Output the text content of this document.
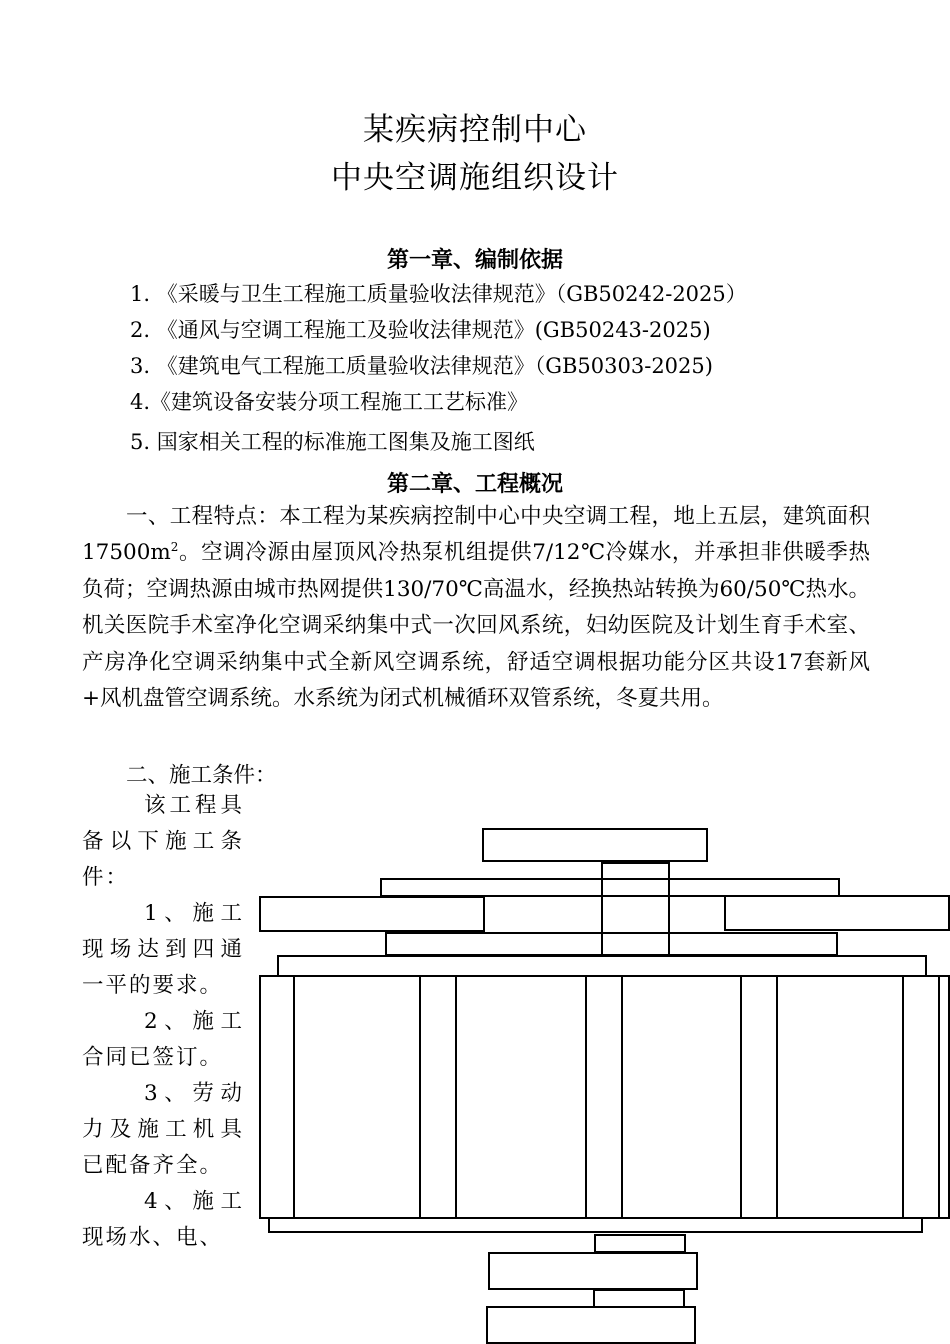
某疾病控制中心
中央空调施组织设计
第一章、编制依据
1. 《采暖与卫生工程施工质量验收法律规范》（GB50242-2025）
2. 《通风与空调工程施工及验收法律规范》(GB50243-2025)
3. 《建筑电气工程施工质量验收法律规范》（GB50303-2025)
4.《建筑设备安装分项工程施工工艺标准》
5. 国家相关工程的标准施工图集及施工图纸
第二章、工程概况

一、工程特点：本工程为某疾病控制中心中央空调工程，地上五层，建筑面积$17500m^2$。空调冷源由屋顶风冷热泵机组提供7/12℃冷媒水，并承担非供暖季热负荷；空调热源由城市热网提供130/70℃高温水，经换热站转换为60/50℃热水。机关医院手术室净化空调采纳集中式一次回风系统，妇幼医院及计划生育手术室、产房净化空调采纳集中式全新风空调系统，舒适空调根据功能分区共设17套新风+风机盘管空调系统。水系统为闭式机械循环双管系统，冬夏共用。

二、施工条件：

该工程具备以下施工条件：

1、施工现场达到四通一平的要求。

2、施工合同已签订。

3、劳动力及施工机具已配备齐全。

4、施工现场水、电、
